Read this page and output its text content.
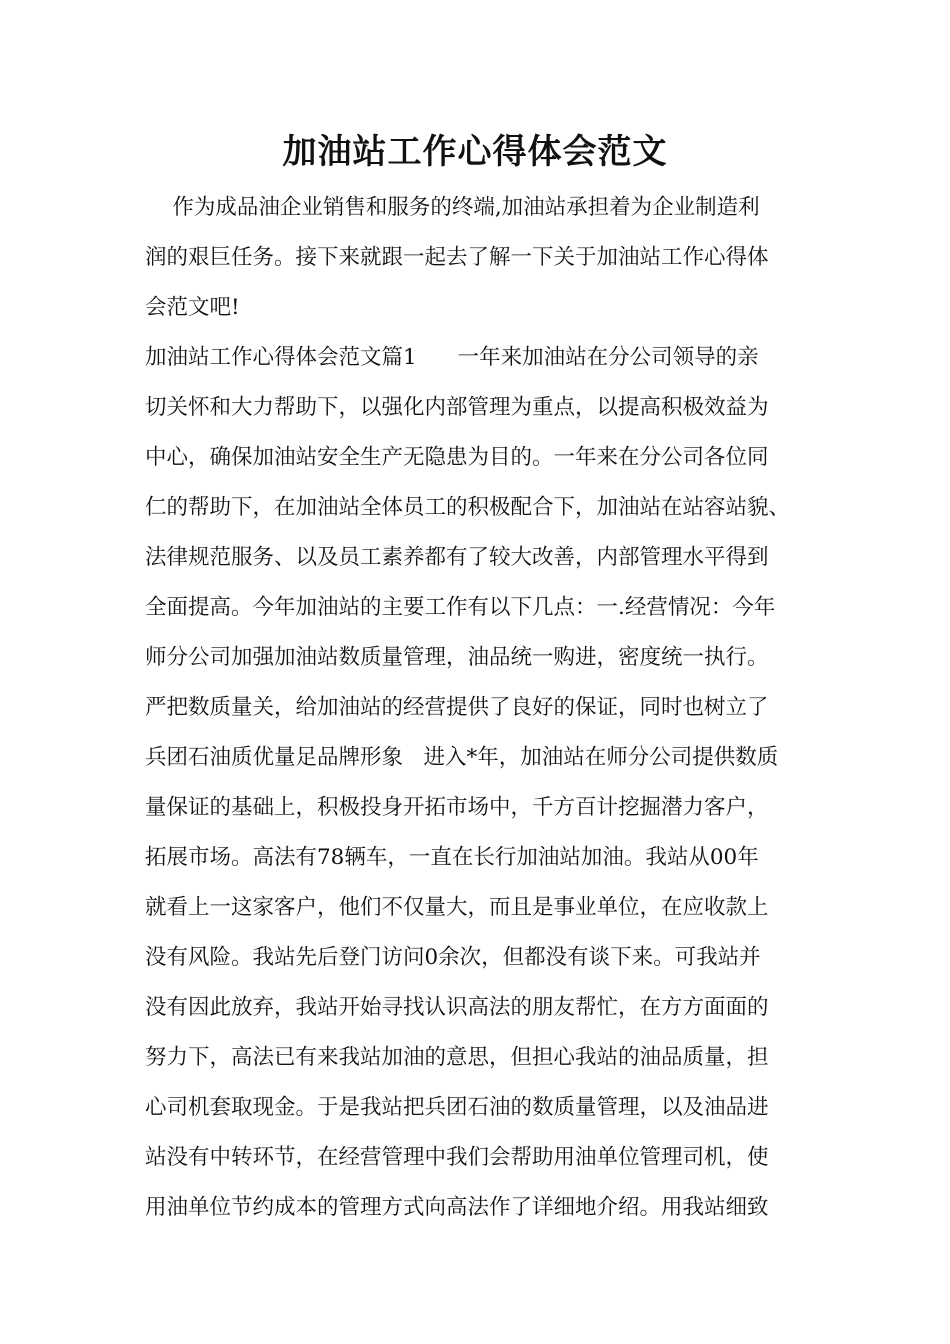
加油站工作心得体会范文
作为成品油企业销售和服务的终端,加油站承担着为企业制造利
润的艰巨任务。接下来就跟一起去了解一下关于加油站工作心得体
会范文吧!
加油站工作心得体会范文篇1      一年来加油站在分公司领导的亲
切关怀和大力帮助下，以强化内部管理为重点，以提高积极效益为
中心，确保加油站安全生产无隐患为目的。一年来在分公司各位同
仁的帮助下，在加油站全体员工的积极配合下，加油站在站容站貌、
法律规范服务、以及员工素养都有了较大改善，内部管理水平得到
全面提高。今年加油站的主要工作有以下几点：一.经营情况：今年
师分公司加强加油站数质量管理，油品统一购进，密度统一执行。
严把数质量关，给加油站的经营提供了良好的保证，同时也树立了
兵团石油质优量足品牌形象   进入*年，加油站在师分公司提供数质
量保证的基础上，积极投身开拓市场中，千方百计挖掘潜力客户，
拓展市场。高法有78辆车，一直在长行加油站加油。我站从00年
就看上一这家客户，他们不仅量大，而且是事业单位，在应收款上
没有风险。我站先后登门访问0余次，但都没有谈下来。可我站并
没有因此放弃，我站开始寻找认识高法的朋友帮忙，在方方面面的
努力下，高法已有来我站加油的意思，但担心我站的油品质量，担
心司机套取现金。于是我站把兵团石油的数质量管理，以及油品进
站没有中转环节，在经营管理中我们会帮助用油单位管理司机，使
用油单位节约成本的管理方式向高法作了详细地介绍。用我站细致
